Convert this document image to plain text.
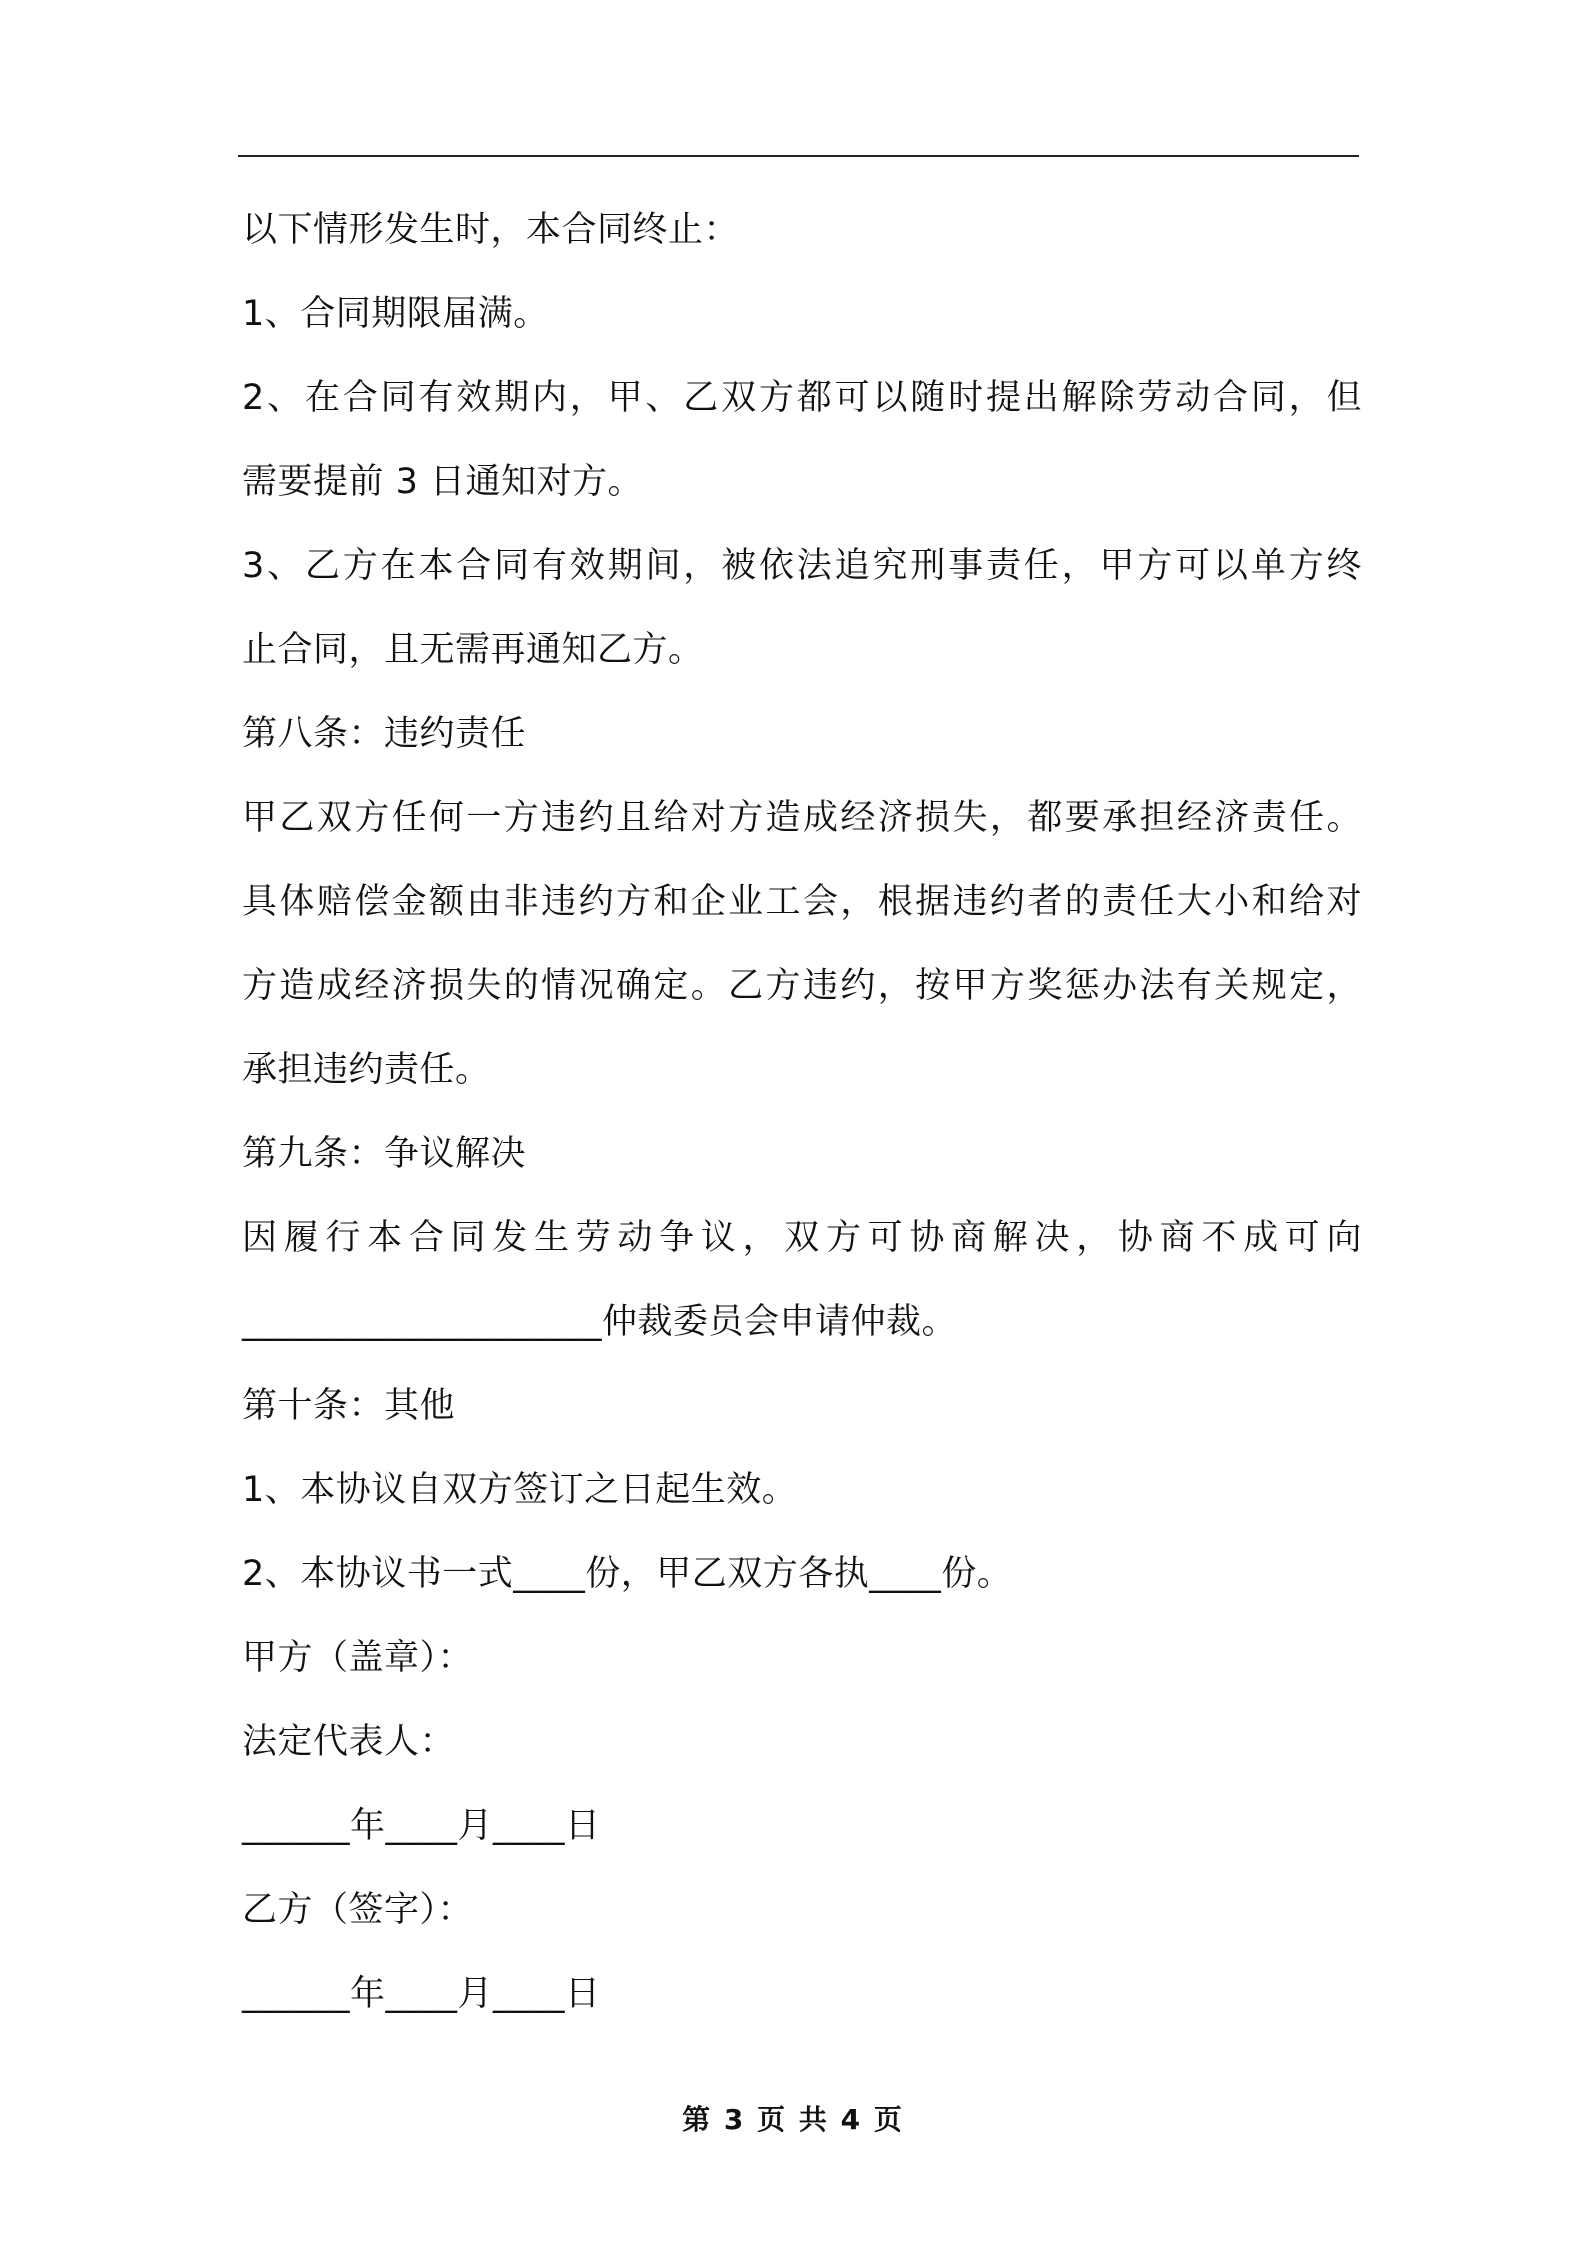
以下情形发生时，本合同终止：
1、合同期限届满。
2、在合同有效期内，甲、乙双方都可以随时提出解除劳动合同，但
需要提前 3 日通知对方。
3、乙方在本合同有效期间，被依法追究刑事责任，甲方可以单方终
止合同，且无需再通知乙方。
第八条：违约责任
甲乙双方任何一方违约且给对方造成经济损失，都要承担经济责任。
具体赔偿金额由非违约方和企业工会，根据违约者的责任大小和给对
方造成经济损失的情况确定。乙方违约，按甲方奖惩办法有关规定，
承担违约责任。
第九条：争议解决
因履行本合同发生劳动争议，双方可协商解决，协商不成可向
____________________仲裁委员会申请仲裁。
第十条：其他
1、本协议自双方签订之日起生效。
2、本协议书一式____份，甲乙双方各执____份。
甲方（盖章）：
法定代表人：
______年____月____日
乙方（签字）：
______年____月____日
第 3 页 共 4 页
